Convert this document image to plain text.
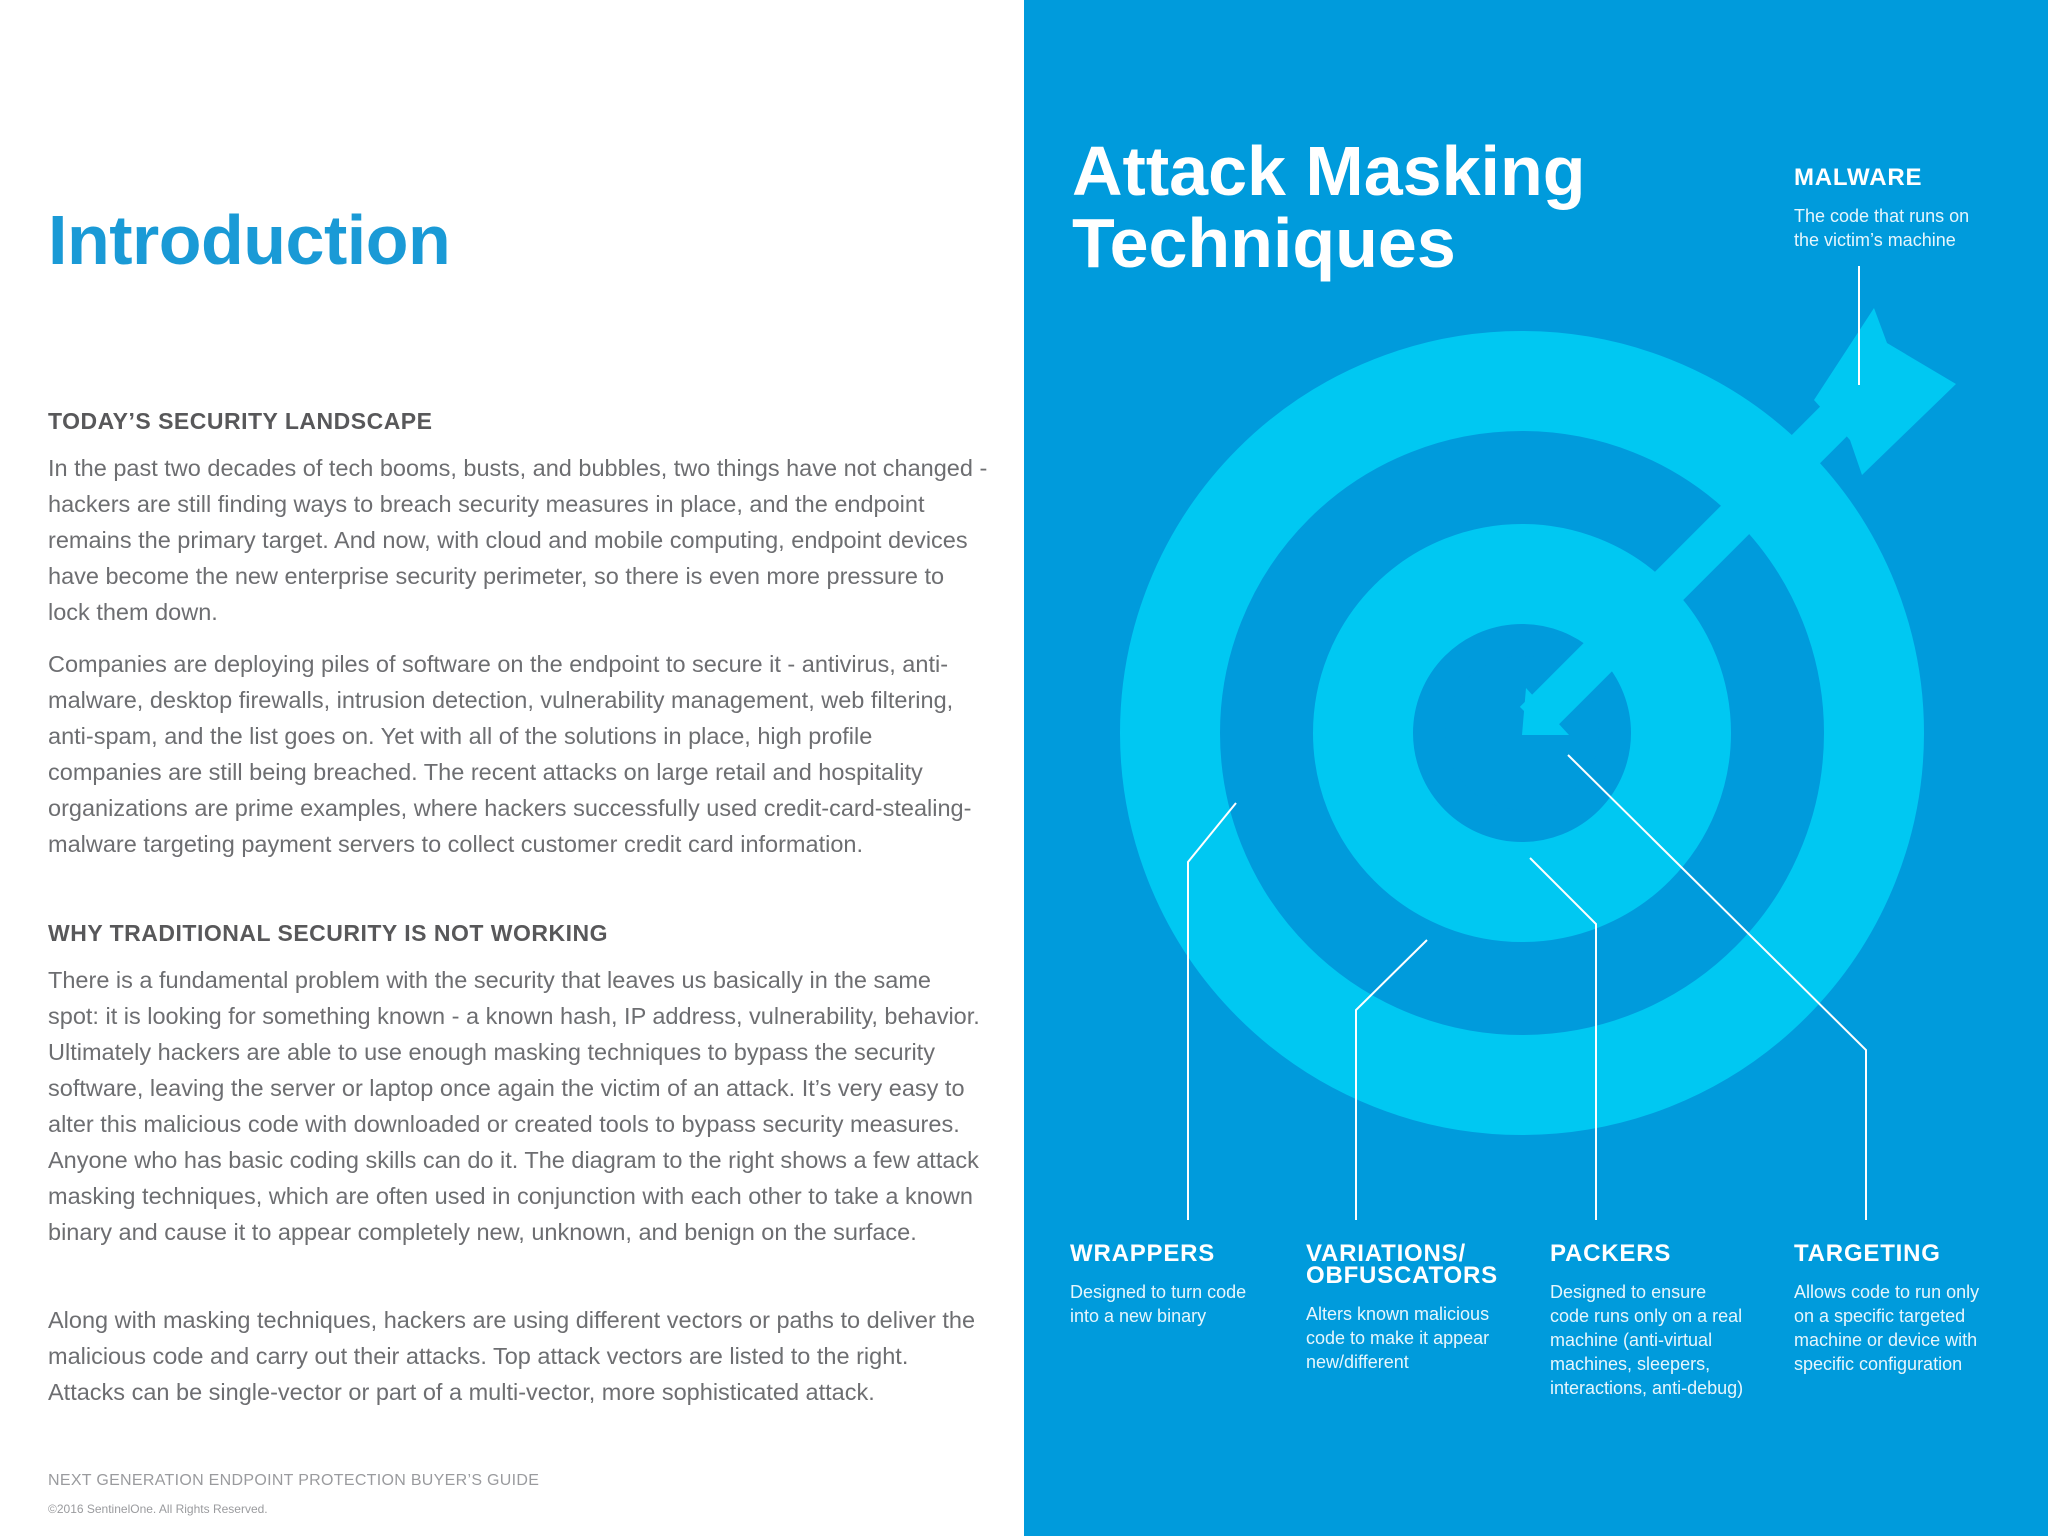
Introduction
TODAY’S SECURITY LANDSCAPE

In the past two decades of tech booms, busts, and bubbles, two things have not changed - hackers are still finding ways to breach security measures in place, and the endpoint remains the primary target. And now, with cloud and mobile computing, endpoint devices have become the new enterprise security perimeter, so there is even more pressure to lock them down.

Companies are deploying piles of software on the endpoint to secure it - antivirus, anti-malware, desktop firewalls, intrusion detection, vulnerability management, web filtering, anti-spam, and the list goes on. Yet with all of the solutions in place, high profile companies are still being breached. The recent attacks on large retail and hospitality organizations are prime examples, where hackers successfully used credit-card-stealing-malware targeting payment servers to collect customer credit card information.

WHY TRADITIONAL SECURITY IS NOT WORKING

There is a fundamental problem with the security that leaves us basically in the same spot: it is looking for something known - a known hash, IP address, vulnerability, behavior. Ultimately hackers are able to use enough masking techniques to bypass the security software, leaving the server or laptop once again the victim of an attack. It’s very easy to alter this malicious code with downloaded or created tools to bypass security measures. Anyone who has basic coding skills can do it. The diagram to the right shows a few attack masking techniques, which are often used in conjunction with each other to take a known binary and cause it to appear completely new, unknown, and benign on the surface.

Along with masking techniques, hackers are using different vectors or paths to deliver the malicious code and carry out their attacks. Top attack vectors are listed to the right. Attacks can be single-vector or part of a multi-vector, more sophisticated attack.

NEXT GENERATION ENDPOINT PROTECTION BUYER’S GUIDE

©2016 SentinelOne. All Rights Reserved.

Attack Masking
Techniques

MALWARE

The code that runs on
the victim’s machine

WRAPPERS

Designed to turn code
into a new binary

VARIATIONS/
OBFUSCATORS

Alters known malicious
code to make it appear
new/different

PACKERS

Designed to ensure
code runs only on a real
machine (anti-virtual
machines, sleepers,
interactions, anti-debug)

TARGETING

Allows code to run only
on a specific targeted
machine or device with
specific configuration
